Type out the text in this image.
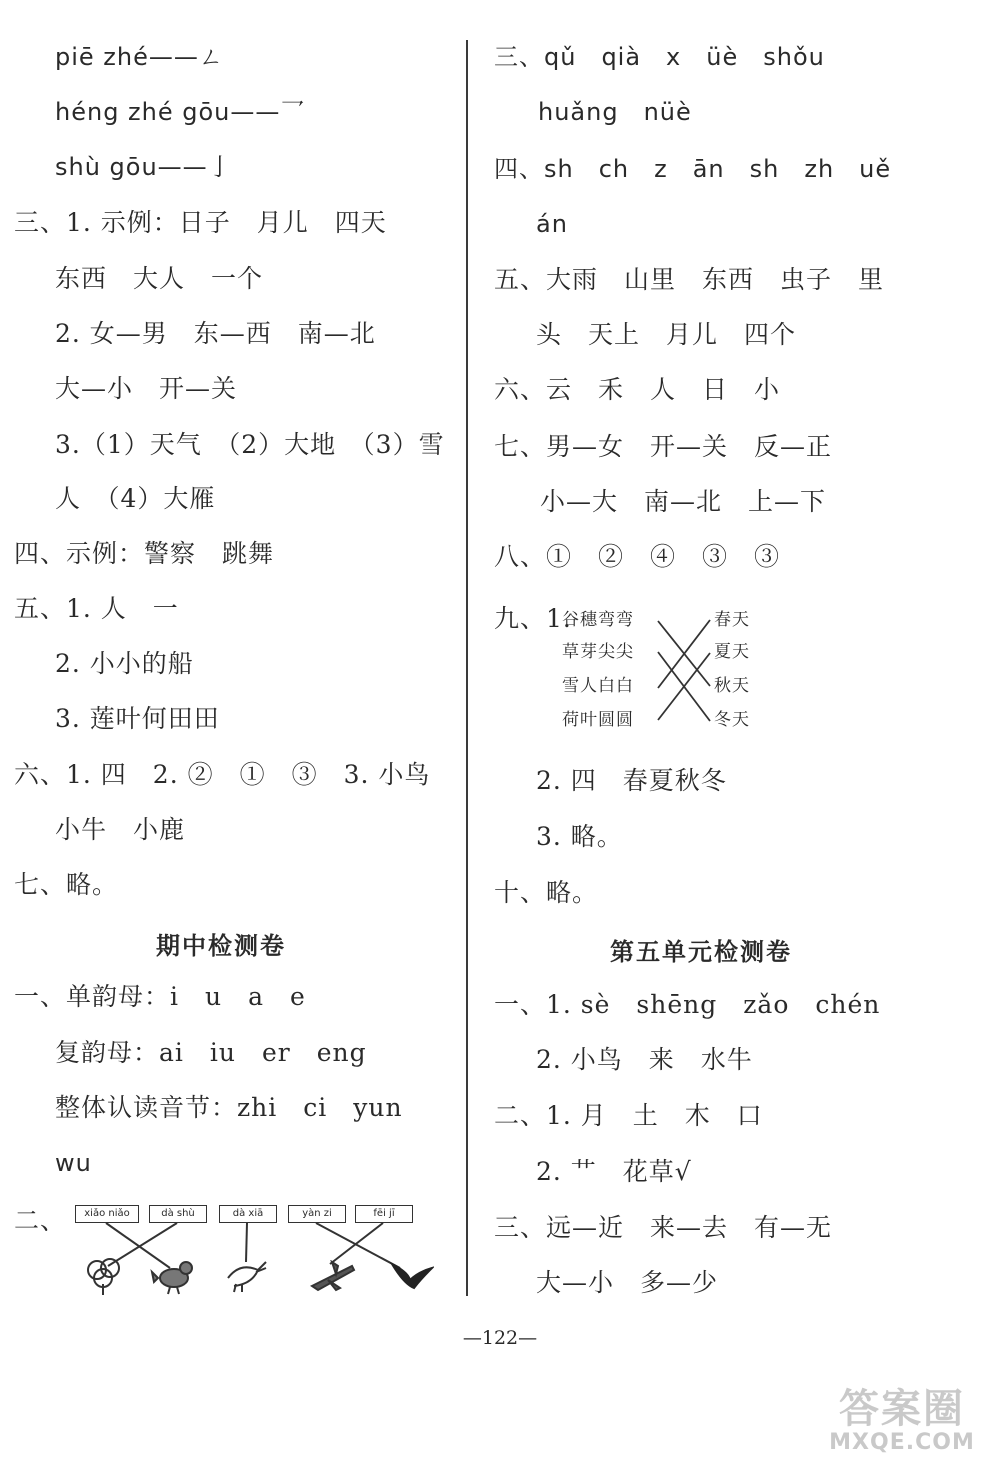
piē zhé——ㄥ
héng zhé gōu——乛
shù gōu——亅
三、1. 示例：日子　月儿　四天
东西　大人　一个
2. 女—男　东—西　南—北
大—小　开—关
3.（1）天气　（2）大地　（3）雪
人　（4）大雁
四、示例：警察　跳舞
五、1. 人　一
2. 小小的船
3. 莲叶何田田
六、1. 四　2. ②　①　③　3. 小鸟
小牛　小鹿
七、略。
期中检测卷
一、单韵母：i　u　a　e
复韵母：ai　iu　er　eng
整体认读音节：zhi　ci　yun
wu
二、	xiǎo niǎo	dà shù	dà xiā	yàn zi	fēi jī
三、qǔ　qià　x　üè　shǒu
huǎng　nüè
四、sh　ch　z　ān　sh　zh　uě
án
五、大雨　山里　东西　虫子　里
头　天上　月儿　四个
六、云　禾　人　日　小
七、男—女　开—关　反—正
小—大　南—北　上—下
八、①　②　④　③　③
九、1.
谷穗弯弯
草芽尖尖
雪人白白
荷叶圆圆
春天
夏天
秋天
冬天
2. 四　春夏秋冬
3. 略。
十、略。
第五单元检测卷
一、1. sè　shēng　zǎo　chén
2. 小鸟　来　水牛
二、1. 月　土　木　口
2. 艹　花草√
三、远—近　来—去　有—无
大—小　多—少
—122—
答案圈
MXQE.COM
